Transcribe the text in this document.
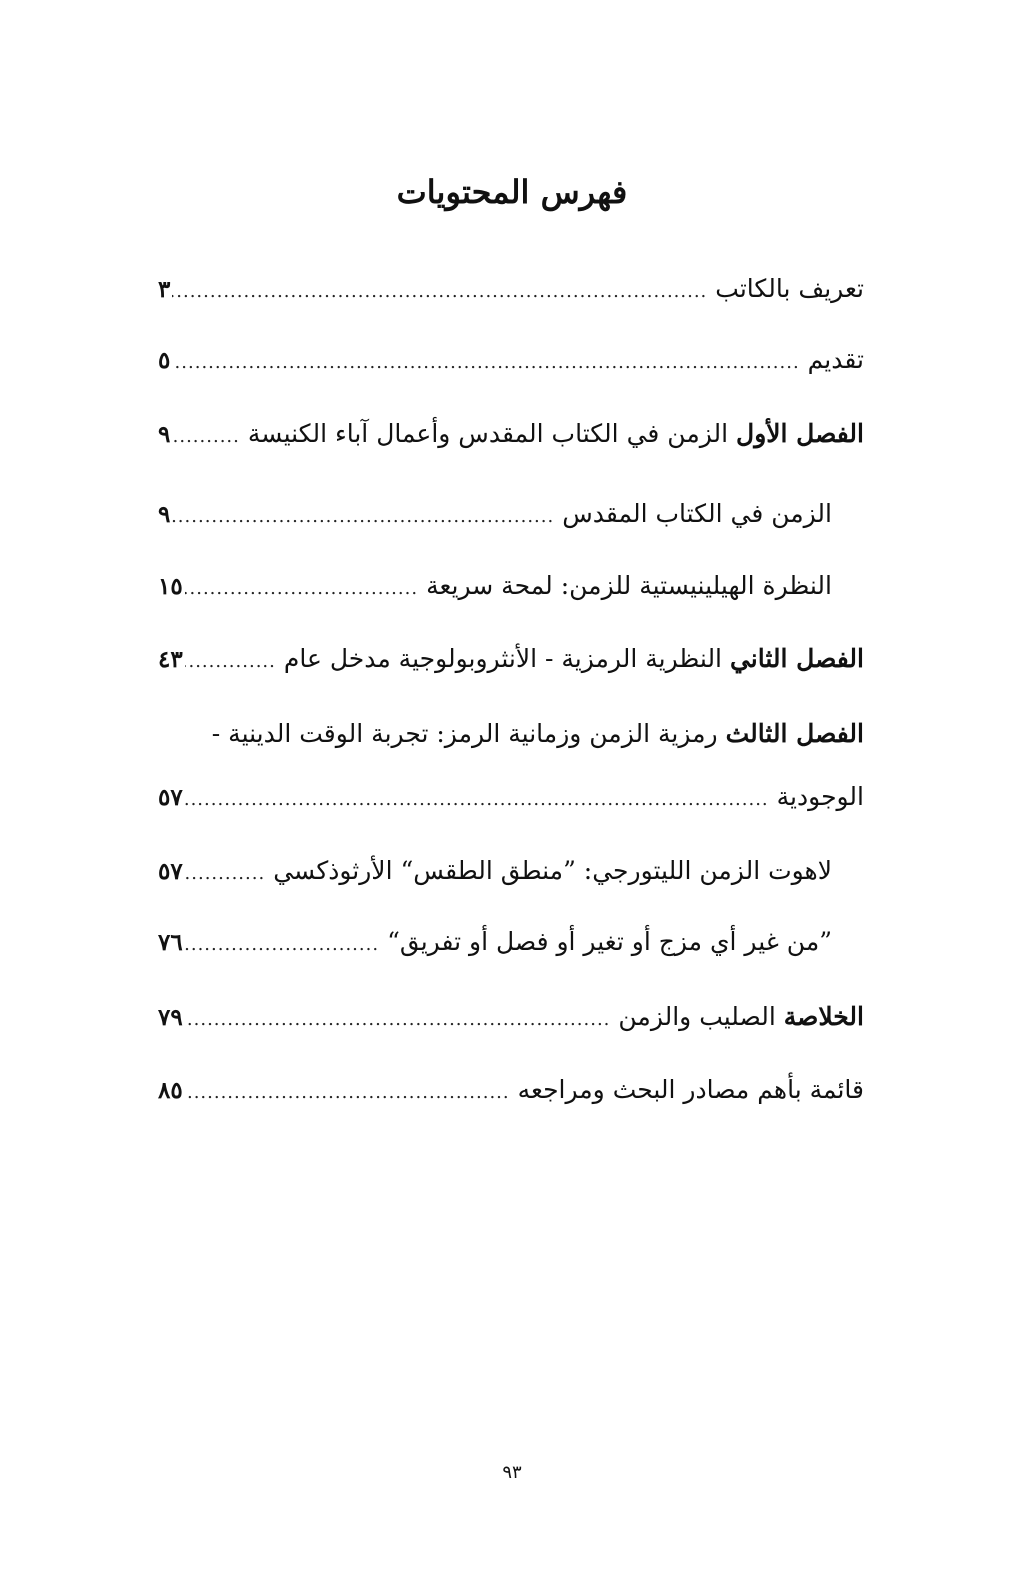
فهرس المحتويات
تعريف بالكاتب
.....
٣
تقديم
.....
٥
الفصل الأول الزمن في الكتاب المقدس وأعمال آباء الكنيسة
.....
٩
الزمن في الكتاب المقدس
.....
٩
النظرة الهيلينيستية للزمن: لمحة سريعة
.....
١٥
الفصل الثاني النظرية الرمزية - الأنثروبولوجية مدخل عام
.....
٤٣
الفصل الثالث رمزية الزمن وزمانية الرمز: تجربة الوقت الدينية -
الوجودية
.....
٥٧
لاهوت الزمن الليتورجي: ”منطق الطقس“ الأرثوذكسي
.....
٥٧
”من غير أي مزج أو تغير أو فصل أو تفريق“
.....
٧٦
الخلاصة الصليب والزمن
.....
٧٩
قائمة بأهم مصادر البحث ومراجعه
.....
٨٥
٩٣
